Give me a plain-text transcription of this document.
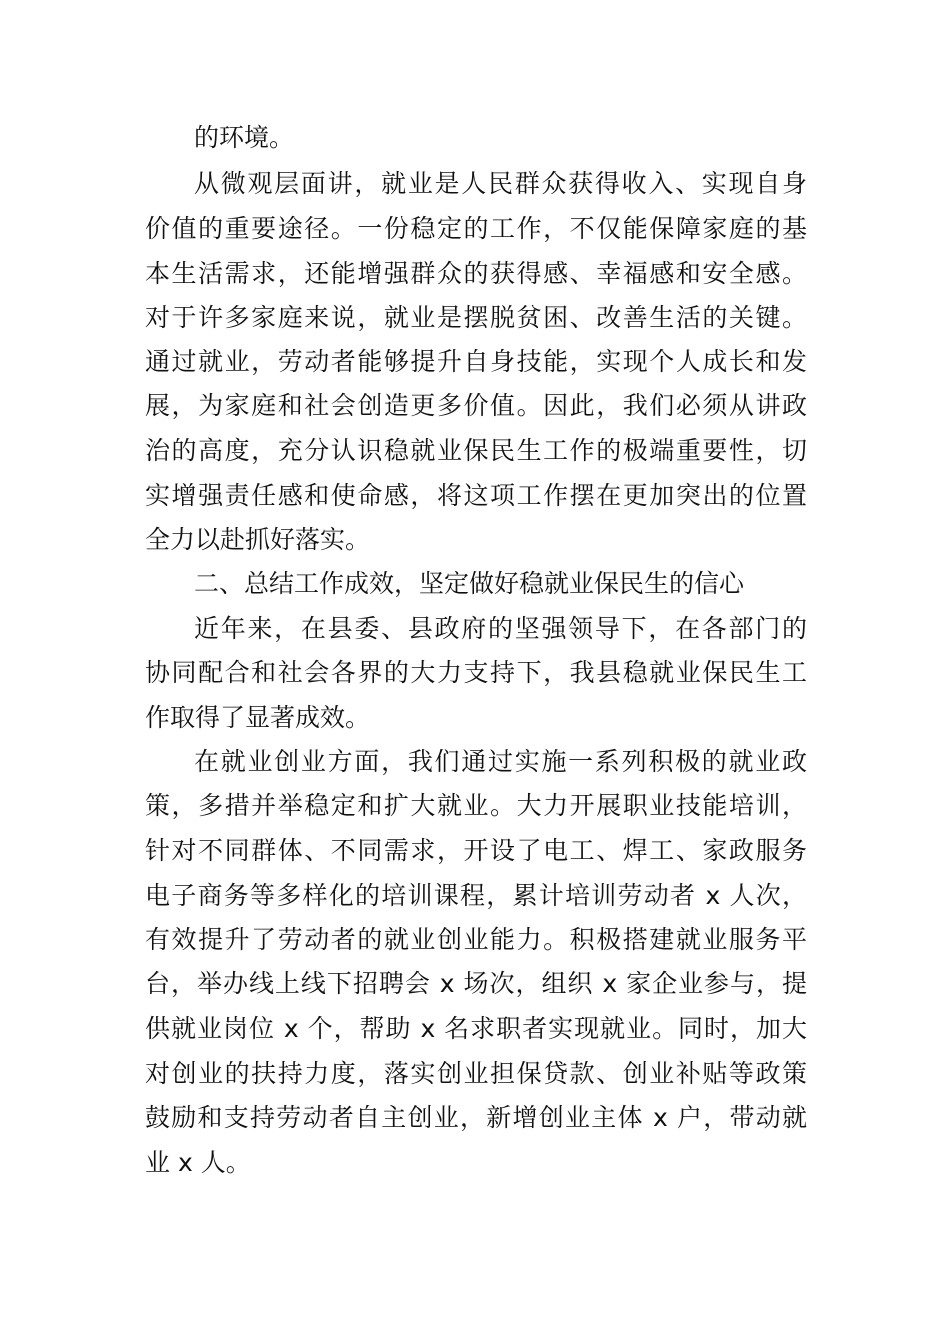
的环境。
从微观层面讲，就业是人民群众获得收入、实现自身
价值的重要途径。一份稳定的工作，不仅能保障家庭的基
本生活需求，还能增强群众的获得感、幸福感和安全感。
对于许多家庭来说，就业是摆脱贫困、改善生活的关键。
通过就业，劳动者能够提升自身技能，实现个人成长和发
展，为家庭和社会创造更多价值。因此，我们必须从讲政
治的高度，充分认识稳就业保民生工作的极端重要性，切
实增强责任感和使命感，将这项工作摆在更加突出的位置
全力以赴抓好落实。
二、总结工作成效，坚定做好稳就业保民生的信心
近年来，在县委、县政府的坚强领导下，在各部门的
协同配合和社会各界的大力支持下，我县稳就业保民生工
作取得了显著成效。
在就业创业方面，我们通过实施一系列积极的就业政
策，多措并举稳定和扩大就业。大力开展职业技能培训，
针对不同群体、不同需求，开设了电工、焊工、家政服务
电子商务等多样化的培训课程，累计培训劳动者 x 人次，
有效提升了劳动者的就业创业能力。积极搭建就业服务平
台，举办线上线下招聘会 x 场次，组织 x 家企业参与，提
供就业岗位 x 个，帮助 x 名求职者实现就业。同时，加大
对创业的扶持力度，落实创业担保贷款、创业补贴等政策
鼓励和支持劳动者自主创业，新增创业主体 x 户，带动就
业 x 人。
